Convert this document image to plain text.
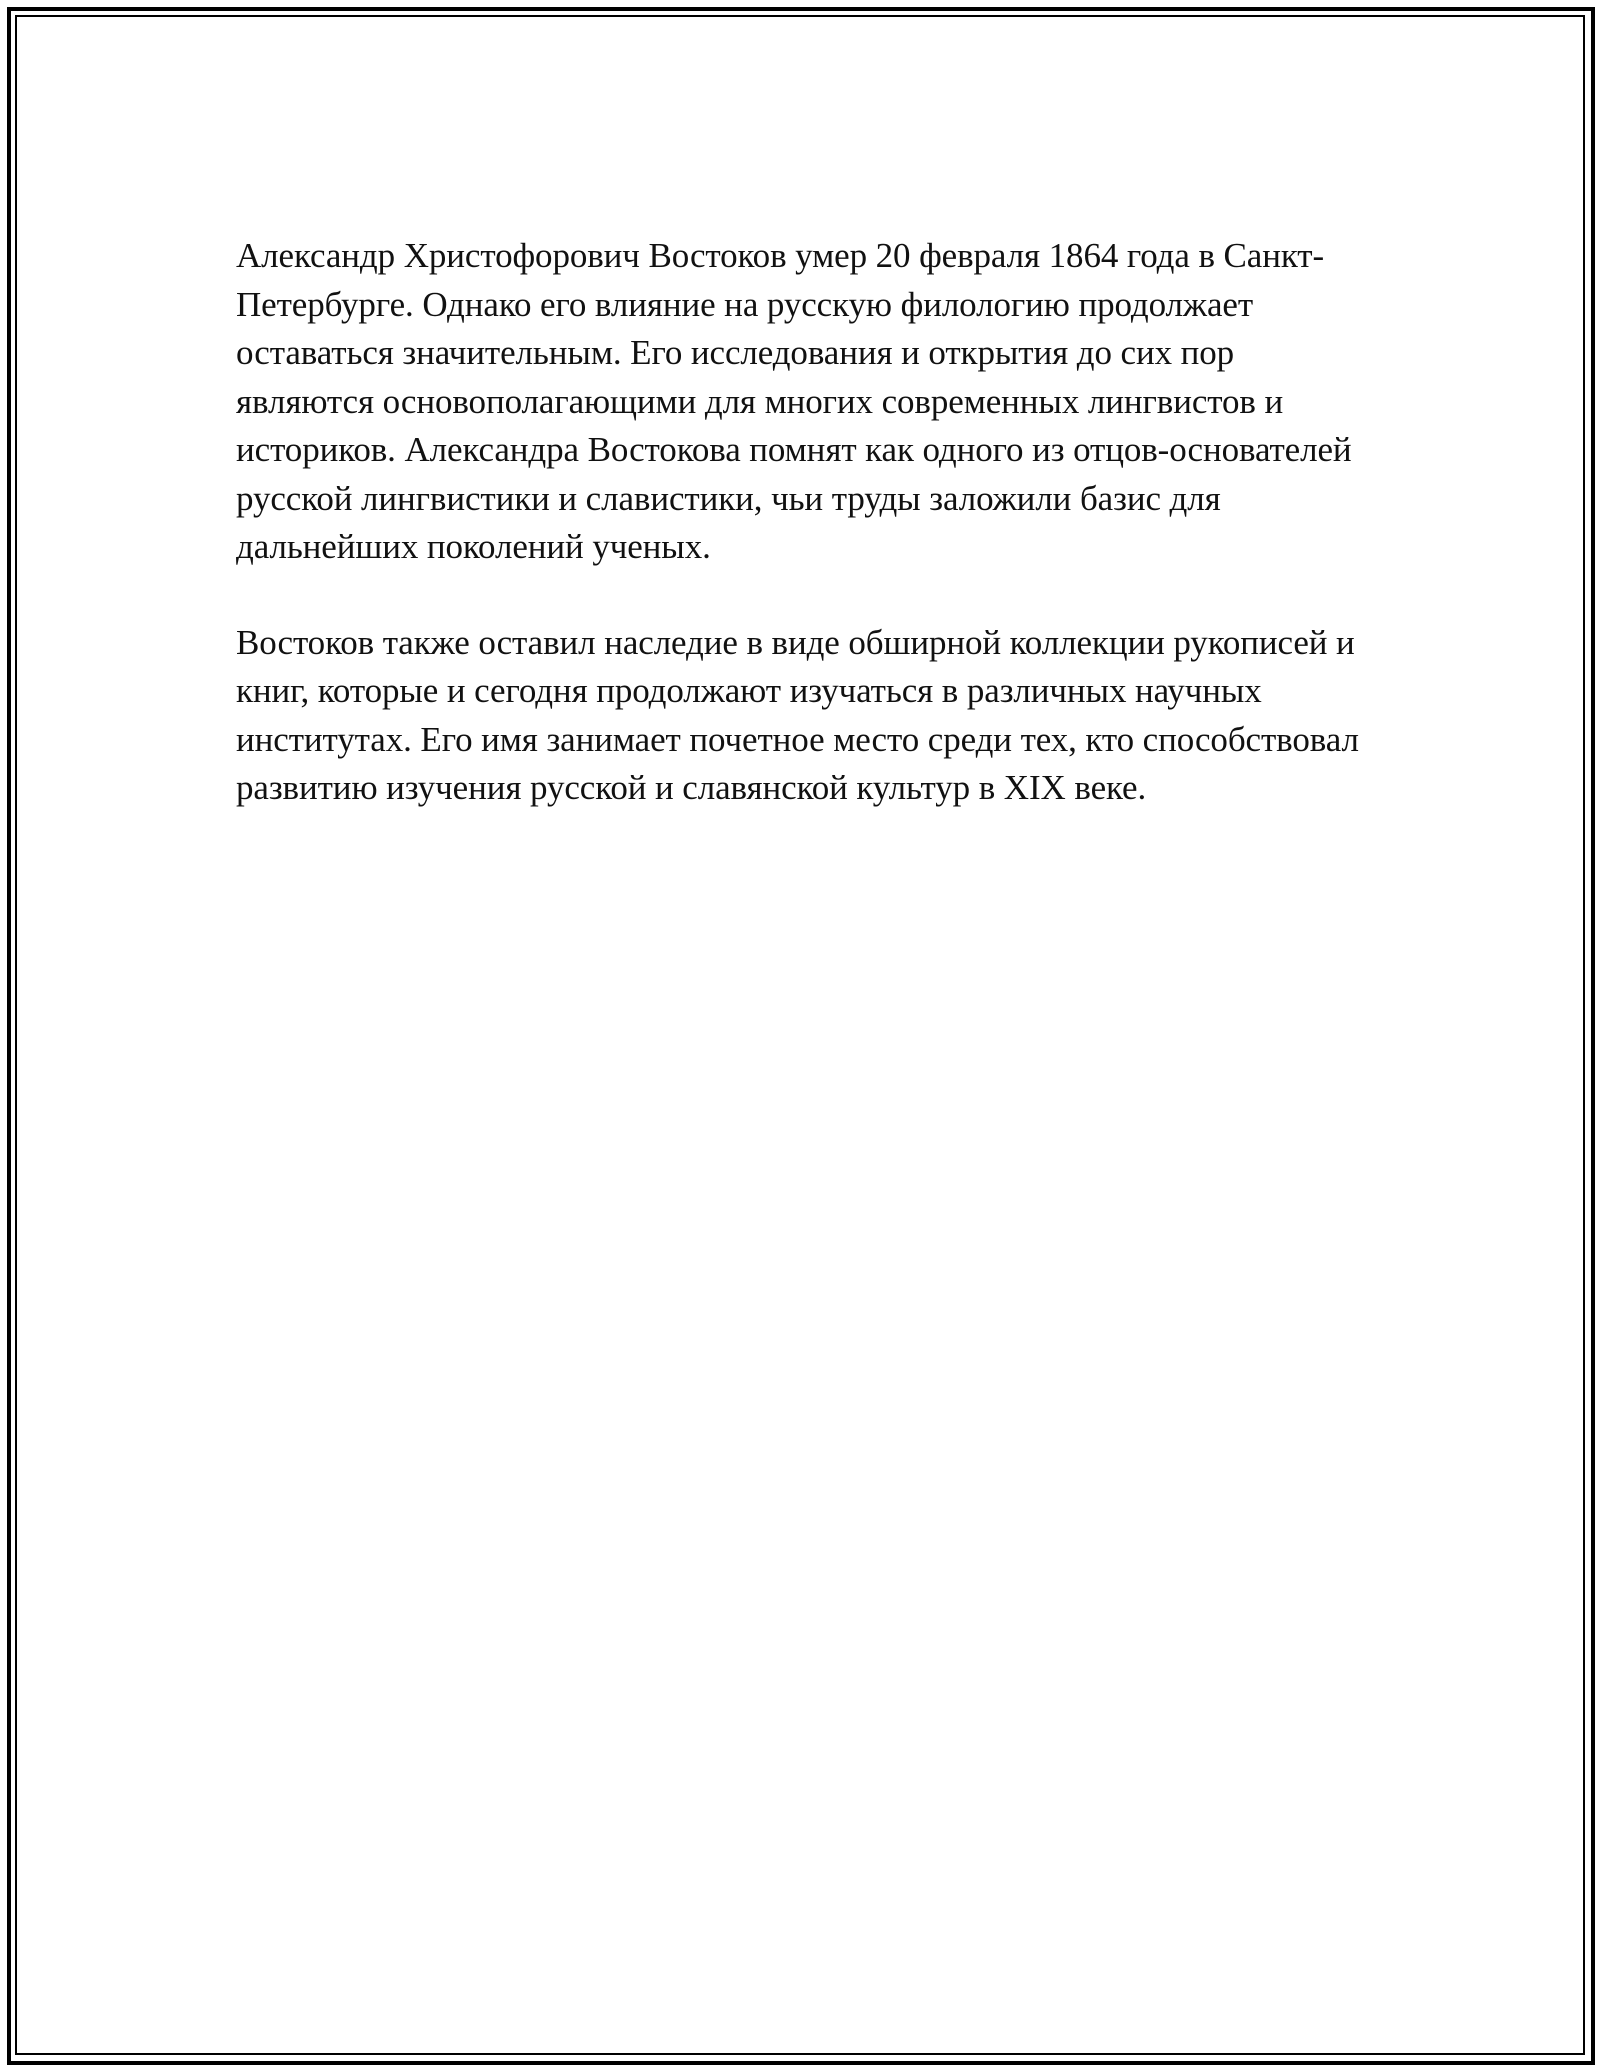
Александр Христофорович Востоков умер 20 февраля 1864 года в Санкт-Петербурге. Однако его влияние на русскую филологию продолжает оставаться значительным. Его исследования и открытия до сих пор являются основополагающими для многих современных лингвистов и историков. Александра Востокова помнят как одного из отцов-основателей русской лингвистики и славистики, чьи труды заложили базис для дальнейших поколений ученых.

Востоков также оставил наследие в виде обширной коллекции рукописей и книг, которые и сегодня продолжают изучаться в различных научных институтах. Его имя занимает почетное место среди тех, кто способствовал развитию изучения русской и славянской культур в XIX веке.
